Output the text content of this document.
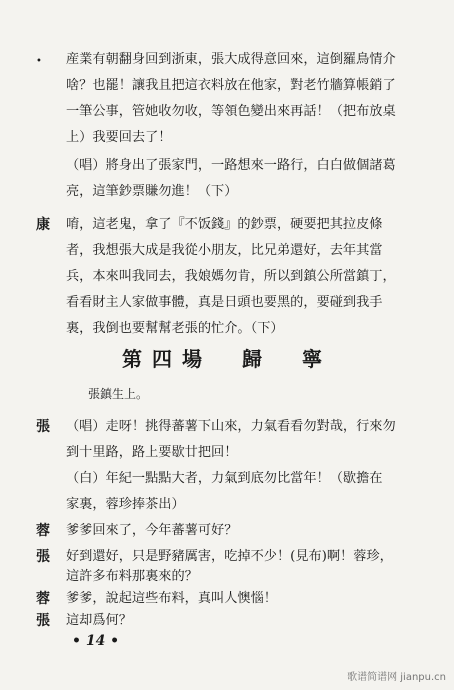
• 産業有朝翻身回到浙東，張大成得意回來，這倒羅鳥情介
啥？也罷！讓我且把這衣料放在他家，對老竹牆算帳銷了
一筆公事，管她收勿收，等領色變出來再話！（把布放桌
上）我要回去了！
（唱）將身出了張家門，一路想來一路行，白白做個諸葛
亮，這筆鈔票賺勿進！（下）
康 唷，這老鬼，拿了『不饭錢』的鈔票，硬要把其拉皮條
者，我想張大成是我從小朋友，比兄弟還好，去年其當
兵，本來叫我同去，我娘媽勿肯，所以到鎮公所當鎮丁，
看看財主人家做事體，真是日頭也要黑的，要碰到我手
裏，我倒也要幫幫老張的忙介。（下）
第四場　歸　寧
張鎮生上。
張 （唱）走呀！挑得蕃薯下山來，力氣看看勿對哉，行來勿
到十里路，路上要歇廿把回！
（白）年紀一點點大者，力氣到底勿比當年！（歇擔在
家裏，蓉珍捧茶出）
蓉 爹爹回來了，今年蕃薯可好？
張 好到還好，只是野豬厲害，吃掉不少！(見布)啊！蓉珍，
這許多布料那裏來的？
蓉 爹爹，說起這些布料，真叫人懊惱！
張 這却爲何？
• 14 •
歌谱简谱网 jianpu.cn
